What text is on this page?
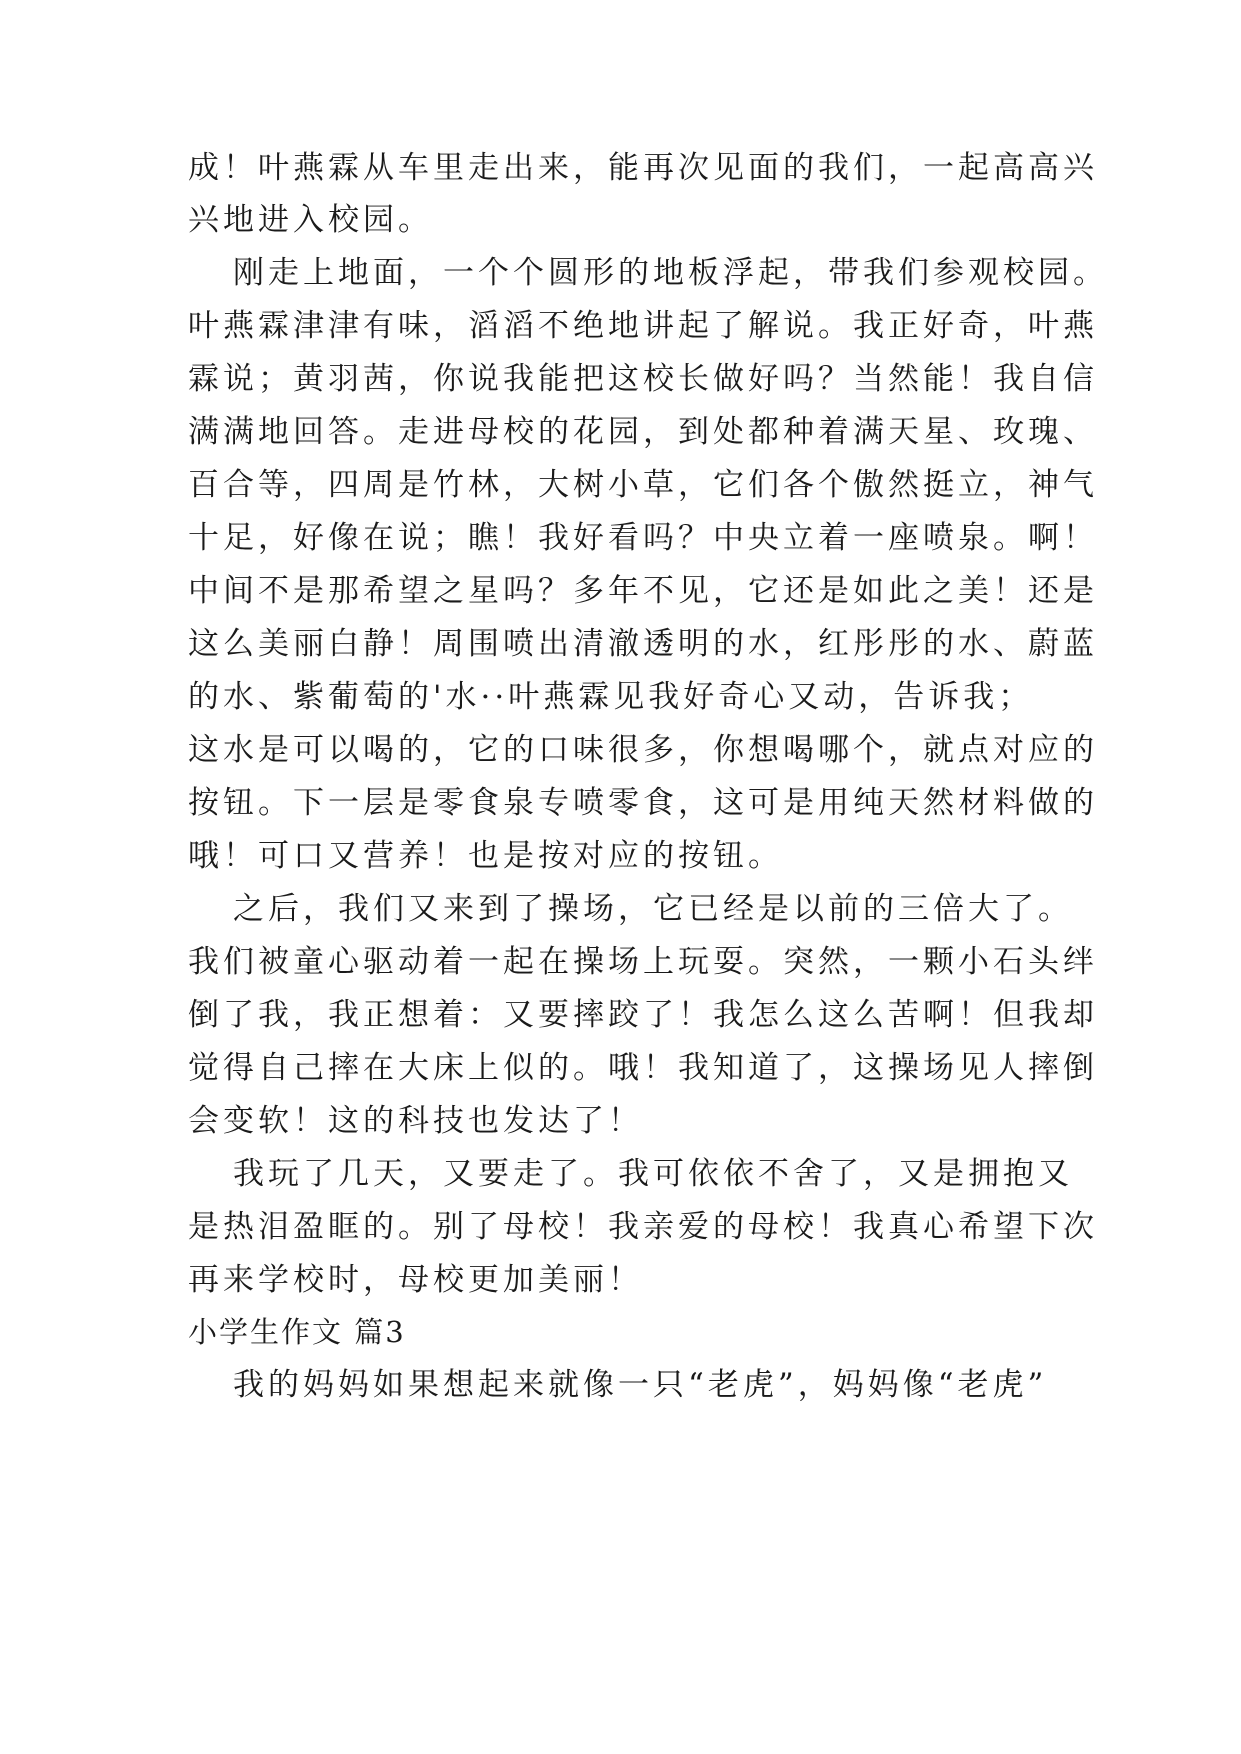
成！叶燕霖从车里走出来，能再次见面的我们，一起高高兴
兴地进入校园。
刚走上地面，一个个圆形的地板浮起，带我们参观校园。
叶燕霖津津有味，滔滔不绝地讲起了解说。我正好奇，叶燕
霖说；黄羽茜，你说我能把这校长做好吗？当然能！我自信
满满地回答。走进母校的花园，到处都种着满天星、玫瑰、
百合等，四周是竹林，大树小草，它们各个傲然挺立，神气
十足，好像在说；瞧！我好看吗？中央立着一座喷泉。啊！
中间不是那希望之星吗？多年不见，它还是如此之美！还是
这么美丽白静！周围喷出清澈透明的水，红彤彤的水、蔚蓝
的水、紫葡萄的'水··叶燕霖见我好奇心又动，告诉我；
这水是可以喝的，它的口味很多，你想喝哪个，就点对应的
按钮。下一层是零食泉专喷零食，这可是用纯天然材料做的
哦！可口又营养！也是按对应的按钮。
之后，我们又来到了操场，它已经是以前的三倍大了。
我们被童心驱动着一起在操场上玩耍。突然，一颗小石头绊
倒了我，我正想着：又要摔跤了！我怎么这么苦啊！但我却
觉得自己摔在大床上似的。哦！我知道了，这操场见人摔倒
会变软！这的科技也发达了！
我玩了几天，又要走了。我可依依不舍了，又是拥抱又
是热泪盈眶的。别了母校！我亲爱的母校！我真心希望下次
再来学校时，母校更加美丽！
小学生作文 篇3
我的妈妈如果想起来就像一只“老虎”，妈妈像“老虎”
